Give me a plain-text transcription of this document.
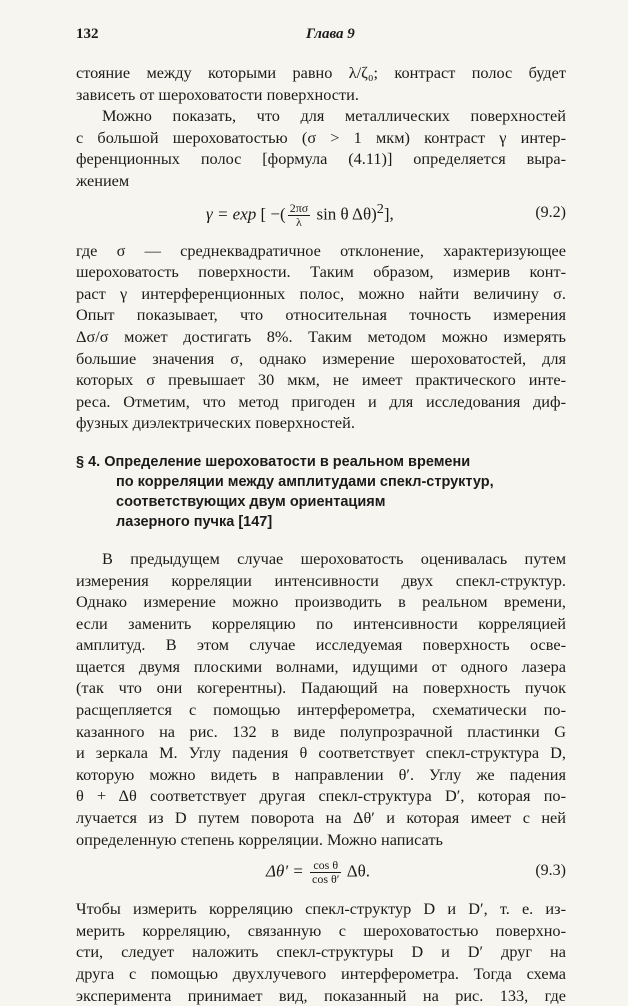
132	Глава 9
стояние между которыми равно λ/ζ₀; контраст полос будет
зависеть от шероховатости поверхности.
Можно показать, что для металлических поверхностей
с большой шероховатостью (σ > 1 мкм) контраст γ интер-
ференционных полос [формула (4.11)] определяется выра-
жением
γ = exp [ −( $\frac{2\pi\sigma}{\lambda}$ sin θ Δθ)$^2$],	(9.2)
где σ — среднеквадратичное отклонение, характеризующее
шероховатость поверхности. Таким образом, измерив конт-
раст γ интерференционных полос, можно найти величину σ.
Опыт показывает, что относительная точность измерения
Δσ/σ может достигать 8%. Таким методом можно измерять
большие значения σ, однако измерение шероховатостей, для
которых σ превышает 30 мкм, не имеет практического инте-
реса. Отметим, что метод пригоден и для исследования диф-
фузных диэлектрических поверхностей.
§ 4. Определение шероховатости в реальном времени
по корреляции между амплитудами спекл-структур,
соответствующих двум ориентациям
лазерного пучка [147]
В предыдущем случае шероховатость оценивалась путем
измерения корреляции интенсивности двух спекл-структур.
Однако измерение можно производить в реальном времени,
если заменить корреляцию по интенсивности корреляцией
амплитуд. В этом случае исследуемая поверхность осве-
щается двумя плоскими волнами, идущими от одного лазера
(так что они когерентны). Падающий на поверхность пучок
расщепляется с помощью интерферометра, схематически по-
казанного на рис. 132 в виде полупрозрачной пластинки G
и зеркала M. Углу падения θ соответствует спекл-структура D,
которую можно видеть в направлении θ′. Углу же падения
θ + Δθ соответствует другая спекл-структура D′, которая по-
лучается из D путем поворота на Δθ′ и которая имеет с ней
определенную степень корреляции. Можно написать
$\Delta\theta' = \frac{\text{cos θ}}{\text{cos θ′}} \Delta\theta$.	(9.3)
Чтобы измерить корреляцию спекл-структур D и D′, т. е. из-
мерить корреляцию, связанную с шероховатостью поверхно-
сти, следует наложить спекл-структуры D и D′ друг на
друга с помощью двухлучевого интерферометра. Тогда схема
эксперимента принимает вид, показанный на рис. 133, где
